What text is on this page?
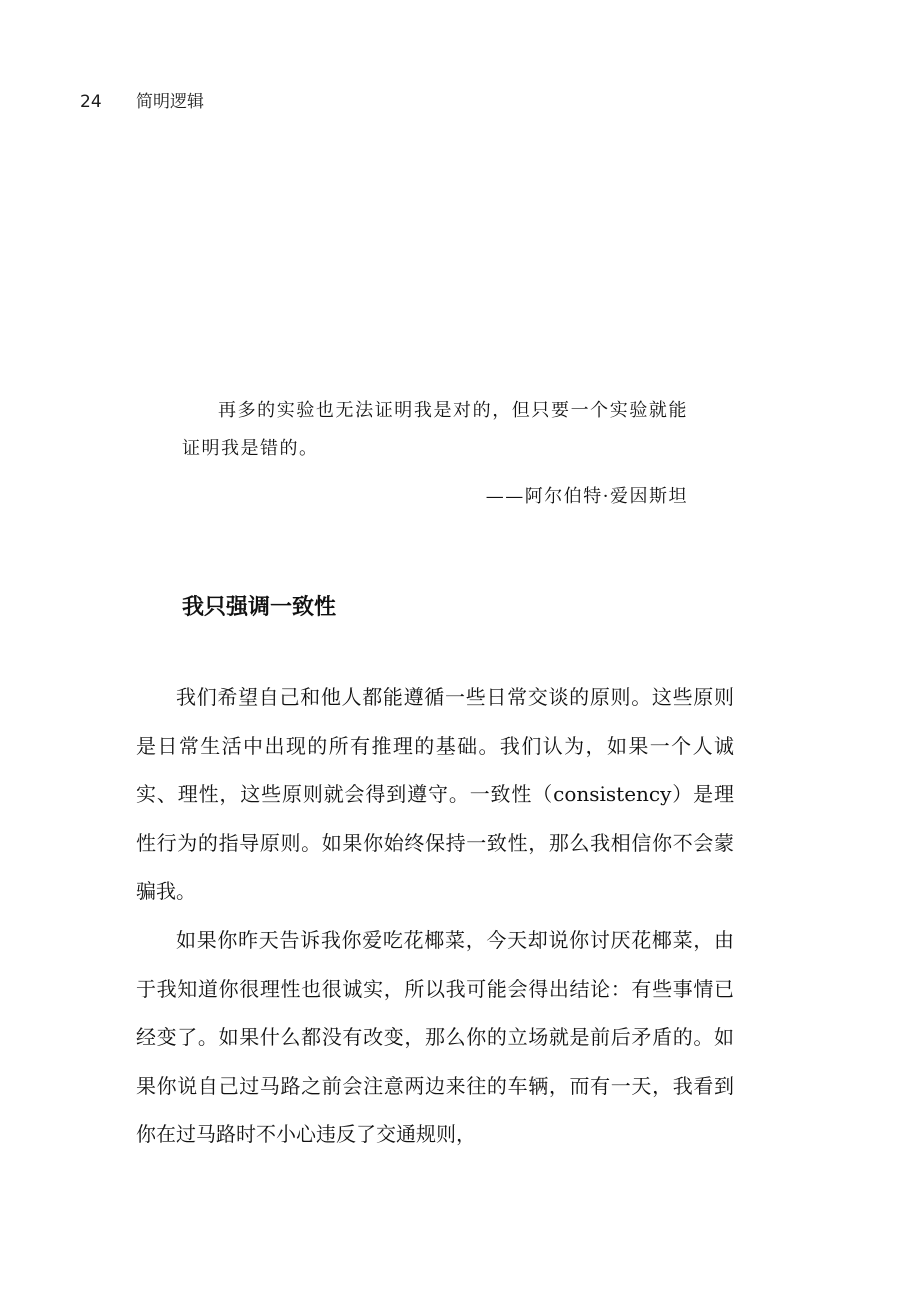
24 简明逻辑

再多的实验也无法证明我是对的，但只要一个实验就能证明我是错的。

——阿尔伯特·爱因斯坦
我只强调一致性

我们希望自己和他人都能遵循一些日常交谈的原则。这些原则是日常生活中出现的所有推理的基础。我们认为，如果一个人诚实、理性，这些原则就会得到遵守。一致性（consistency）是理性行为的指导原则。如果你始终保持一致性，那么我相信你不会蒙骗我。

如果你昨天告诉我你爱吃花椰菜，今天却说你讨厌花椰菜，由于我知道你很理性也很诚实，所以我可能会得出结论：有些事情已经变了。如果什么都没有改变，那么你的立场就是前后矛盾的。如果你说自己过马路之前会注意两边来往的车辆，而有一天，我看到你在过马路时不小心违反了交通规则，
